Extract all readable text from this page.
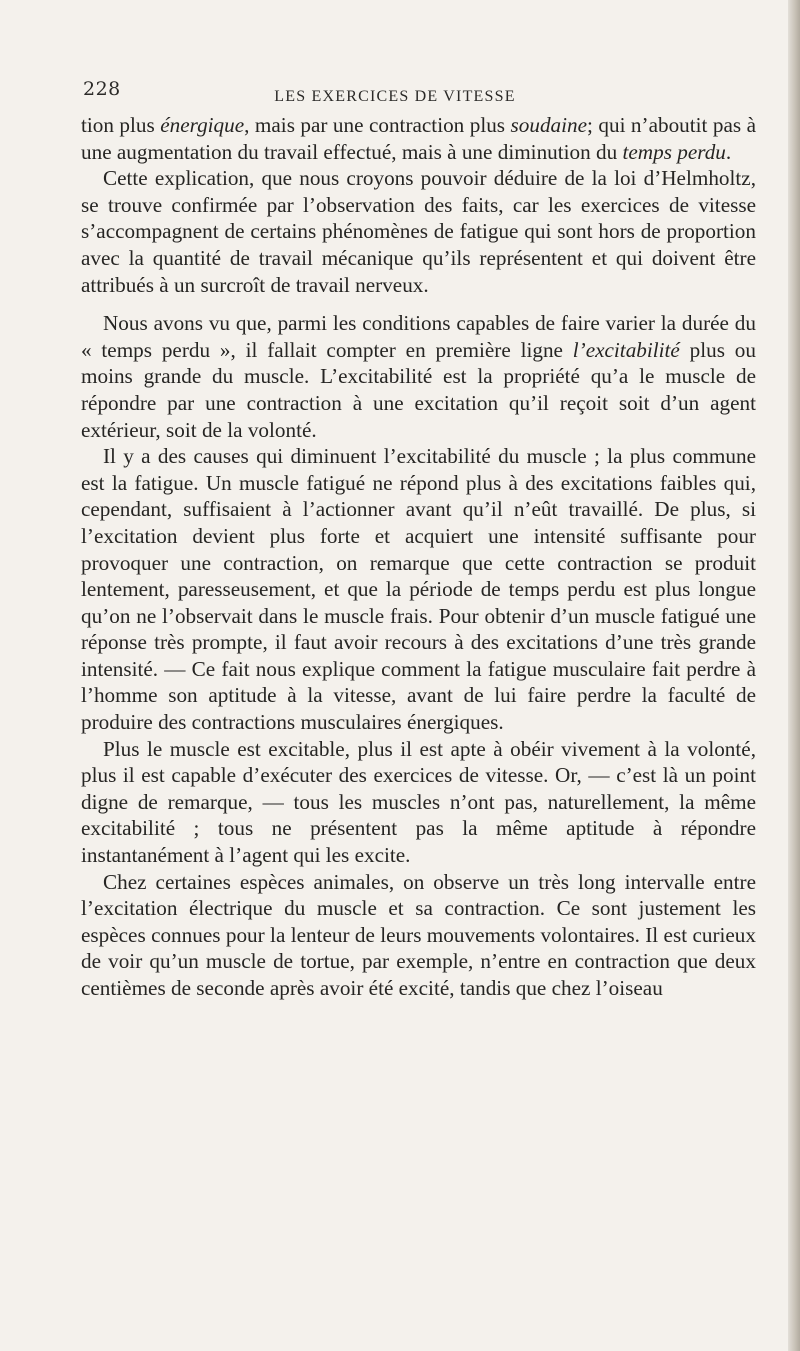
228	LES EXERCICES DE VITESSE

tion plus énergique, mais par une contraction plus soudaine; qui n’aboutit pas à une augmentation du travail effectué, mais à une diminution du temps perdu.

Cette explication, que nous croyons pouvoir déduire de la loi d’Helmholtz, se trouve confirmée par l’observation des faits, car les exercices de vitesse s’accompagnent de certains phénomènes de fatigue qui sont hors de proportion avec la quantité de travail mécanique qu’ils représentent et qui doivent être attribués à un surcroît de travail nerveux.

Nous avons vu que, parmi les conditions capables de faire varier la durée du « temps perdu », il fallait compter en première ligne l’excitabilité plus ou moins grande du muscle. L’excitabilité est la propriété qu’a le muscle de répondre par une contraction à une excitation qu’il reçoit soit d’un agent extérieur, soit de la volonté.

Il y a des causes qui diminuent l’excitabilité du muscle ; la plus commune est la fatigue. Un muscle fatigué ne répond plus à des excitations faibles qui, cependant, suffisaient à l’actionner avant qu’il n’eût travaillé. De plus, si l’excitation devient plus forte et acquiert une intensité suffisante pour provoquer une contraction, on remarque que cette contraction se produit lentement, paresseusement, et que la période de temps perdu est plus longue qu’on ne l’observait dans le muscle frais. Pour obtenir d’un muscle fatigué une réponse très prompte, il faut avoir recours à des excitations d’une très grande intensité. — Ce fait nous explique comment la fatigue musculaire fait perdre à l’homme son aptitude à la vitesse, avant de lui faire perdre la faculté de produire des contractions musculaires énergiques.

Plus le muscle est excitable, plus il est apte à obéir vivement à la volonté, plus il est capable d’exécuter des exercices de vitesse. Or, — c’est là un point digne de remarque, — tous les muscles n’ont pas, naturellement, la même excitabilité ; tous ne présentent pas la même aptitude à répondre instantanément à l’agent qui les excite.

Chez certaines espèces animales, on observe un très long intervalle entre l’excitation électrique du muscle et sa contraction. Ce sont justement les espèces connues pour la lenteur de leurs mouvements volontaires. Il est curieux de voir qu’un muscle de tortue, par exemple, n’entre en contraction que deux centièmes de seconde après avoir été excité, tandis que chez l’oiseau
